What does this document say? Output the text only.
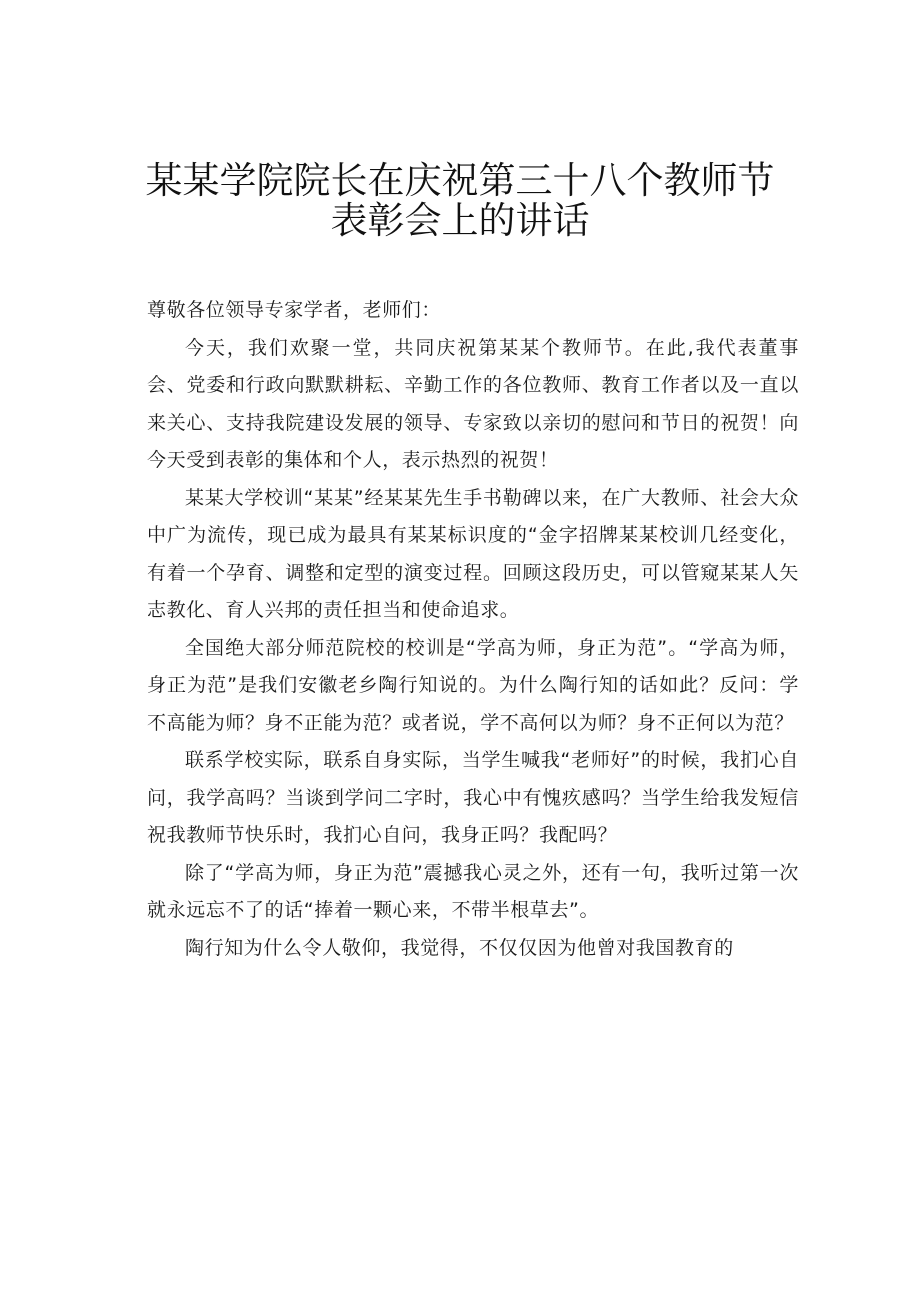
某某学院院长在庆祝第三十八个教师节
表彰会上的讲话

尊敬各位领导专家学者，老师们：

今天，我们欢聚一堂，共同庆祝第某某个教师节。在此,我代表董事会、党委和行政向默默耕耘、辛勤工作的各位教师、教育工作者以及一直以来关心、支持我院建设发展的领导、专家致以亲切的慰问和节日的祝贺！向今天受到表彰的集体和个人，表示热烈的祝贺！

某某大学校训“某某”经某某先生手书勒碑以来，在广大教师、社会大众中广为流传，现已成为最具有某某标识度的“金字招牌某某校训几经变化，有着一个孕育、调整和定型的演变过程。回顾这段历史，可以管窥某某人矢志教化、育人兴邦的责任担当和使命追求。

全国绝大部分师范院校的校训是“学高为师，身正为范”。“学高为师，身正为范”是我们安徽老乡陶行知说的。为什么陶行知的话如此？反问：学不高能为师？身不正能为范？或者说，学不高何以为师？身不正何以为范？

联系学校实际，联系自身实际，当学生喊我“老师好”的时候，我扪心自问，我学高吗？当谈到学问二字时，我心中有愧疚感吗？当学生给我发短信祝我教师节快乐时，我扪心自问，我身正吗？我配吗？

除了“学高为师，身正为范”震撼我心灵之外，还有一句，我听过第一次就永远忘不了的话“捧着一颗心来，不带半根草去”。

陶行知为什么令人敬仰，我觉得，不仅仅因为他曾对我国教育的
